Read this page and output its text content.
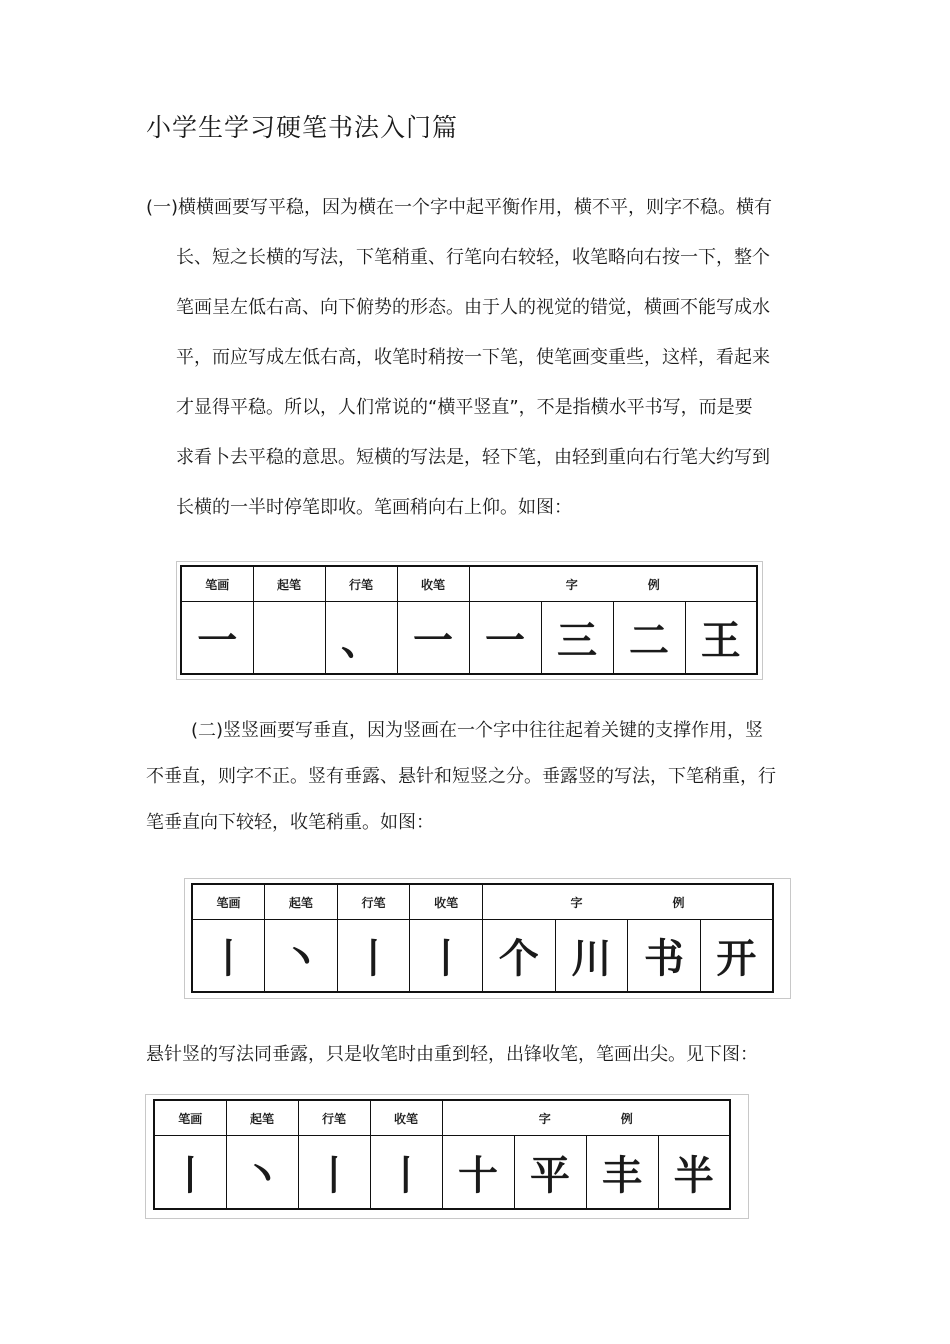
小学生学习硬笔书法入门篇
(一)横横画要写平稳，因为横在一个字中起平衡作用，横不平，则字不稳。横有
长、短之长横的写法，下笔稍重、行笔向右较轻，收笔略向右按一下，整个
笔画呈左低右高、向下俯势的形态。由于人的视觉的错觉，横画不能写成水
平，而应写成左低右高，收笔时稍按一下笔，使笔画变重些，这样，看起来
才显得平稳。所以，人们常说的“横平竖直”，不是指横水平书写，而是要
求看卜去平稳的意思。短横的写法是，轻下笔，由轻到重向右行笔大约写到
长横的一半时停笔即收。笔画稍向右上仰。如图：
笔画	起笔	行笔	收笔	字 例			
一		、	一	一	三	二	王
(二)竖竖画要写垂直，因为竖画在一个字中往往起着关键的支撑作用，竖
不垂直，则字不正。竖有垂露、悬针和短竖之分。垂露竖的写法，下笔稍重，行
笔垂直向下较轻，收笔稍重。如图：
笔画	起笔	行笔	收笔	字 例			
丨	丶	丨	丨	个	川	书	开
悬针竖的写法同垂露，只是收笔时由重到轻，出锋收笔，笔画出尖。见下图：
笔画	起笔	行笔	收笔	字 例			
丨	丶	丨	丨	十	平	丰	半
